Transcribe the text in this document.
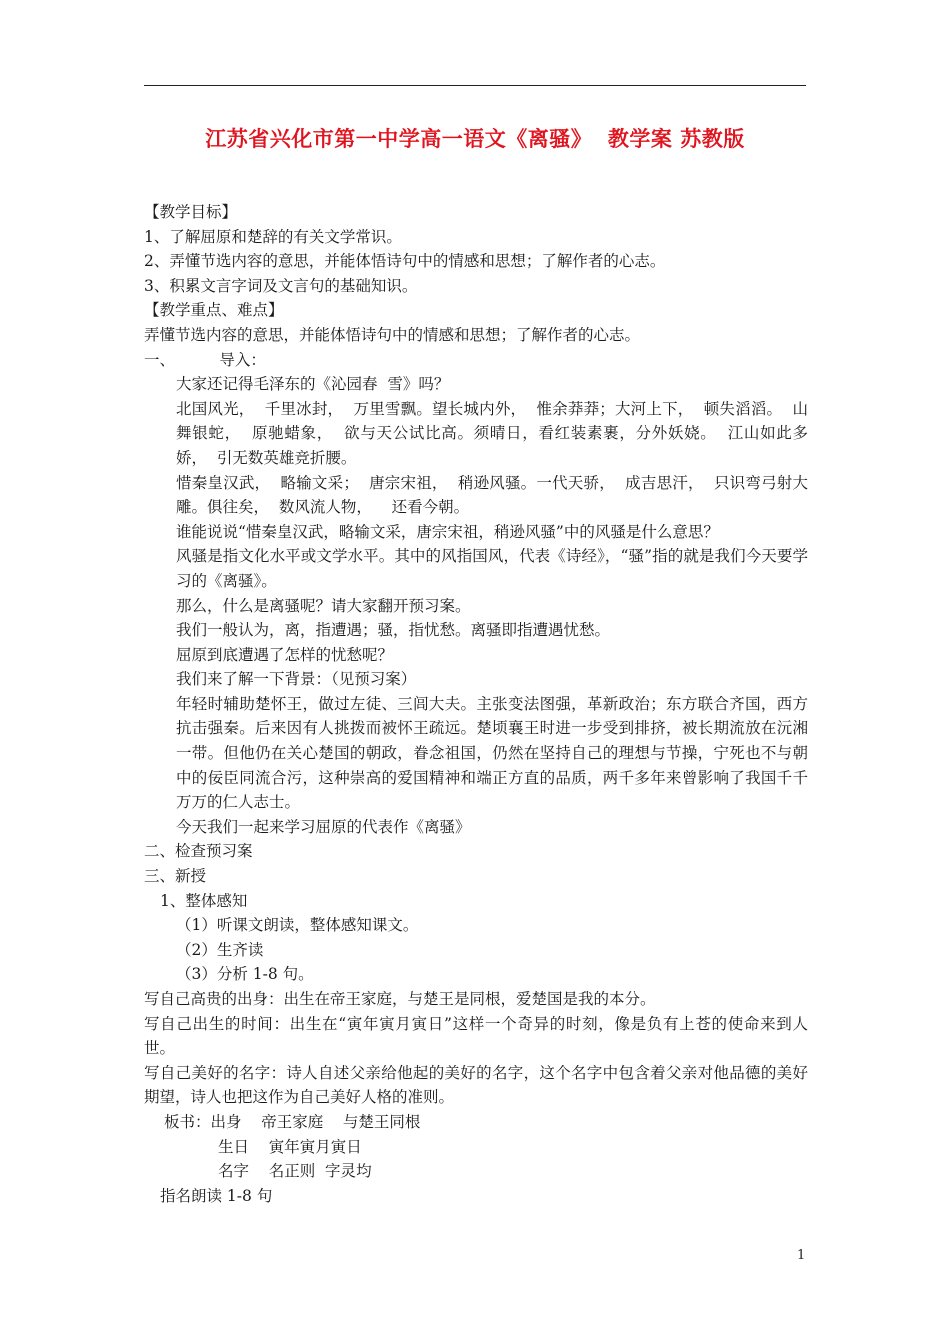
江苏省兴化市第一中学高一语文《离骚》  教学案 苏教版

【教学目标】

1、了解屈原和楚辞的有关文学常识。

2、弄懂节选内容的意思，并能体悟诗句中的情感和思想；了解作者的心志。

3、积累文言字词及文言句的基础知识。

【教学重点、难点】

弄懂节选内容的意思，并能体悟诗句中的情感和思想；了解作者的心志。

一、         导入：

大家还记得毛泽东的《沁园春  雪》吗？

北国风光，  千里冰封，  万里雪飘。望长城内外，  惟余莽莽；大河上下，  顿失滔滔。  山舞银蛇，  原驰蜡象，  欲与天公试比高。须晴日，看红装素裹，分外妖娆。  江山如此多娇，  引无数英雄竞折腰。

惜秦皇汉武，  略输文采；  唐宗宋祖，  稍逊风骚。一代天骄，  成吉思汗，  只识弯弓射大雕。俱往矣，  数风流人物，    还看今朝。

谁能说说“惜秦皇汉武，略输文采，唐宗宋祖，稍逊风骚”中的风骚是什么意思？

风骚是指文化水平或文学水平。其中的风指国风，代表《诗经》，“骚”指的就是我们今天要学习的《离骚》。

那么，什么是离骚呢？请大家翻开预习案。

我们一般认为，离，指遭遇；骚，指忧愁。离骚即指遭遇忧愁。

屈原到底遭遇了怎样的忧愁呢？

我们来了解一下背景：（见预习案）

年轻时辅助楚怀王，做过左徒、三闾大夫。主张变法图强，革新政治；东方联合齐国，西方抗击强秦。后来因有人挑拨而被怀王疏远。楚顷襄王时进一步受到排挤，被长期流放在沅湘一带。但他仍在关心楚国的朝政，眷念祖国，仍然在坚持自己的理想与节操，宁死也不与朝中的佞臣同流合污，这种崇高的爱国精神和端正方直的品质，两千多年来曾影响了我国千千万万的仁人志士。

今天我们一起来学习屈原的代表作《离骚》

二、检查预习案

三、新授

1、整体感知

（1）听课文朗读，整体感知课文。

（2）生齐读

（3）分析 1-8 句。

写自己高贵的出身：出生在帝王家庭，与楚王是同根，爱楚国是我的本分。

写自己出生的时间：出生在“寅年寅月寅日”这样一个奇异的时刻，像是负有上苍的使命来到人世。

写自己美好的名字：诗人自述父亲给他起的美好的名字，这个名字中包含着父亲对他品德的美好期望，诗人也把这作为自己美好人格的准则。

板书：出身    帝王家庭    与楚王同根

生日    寅年寅月寅日

名字    名正则  字灵均

指名朗读 1-8 句

1
